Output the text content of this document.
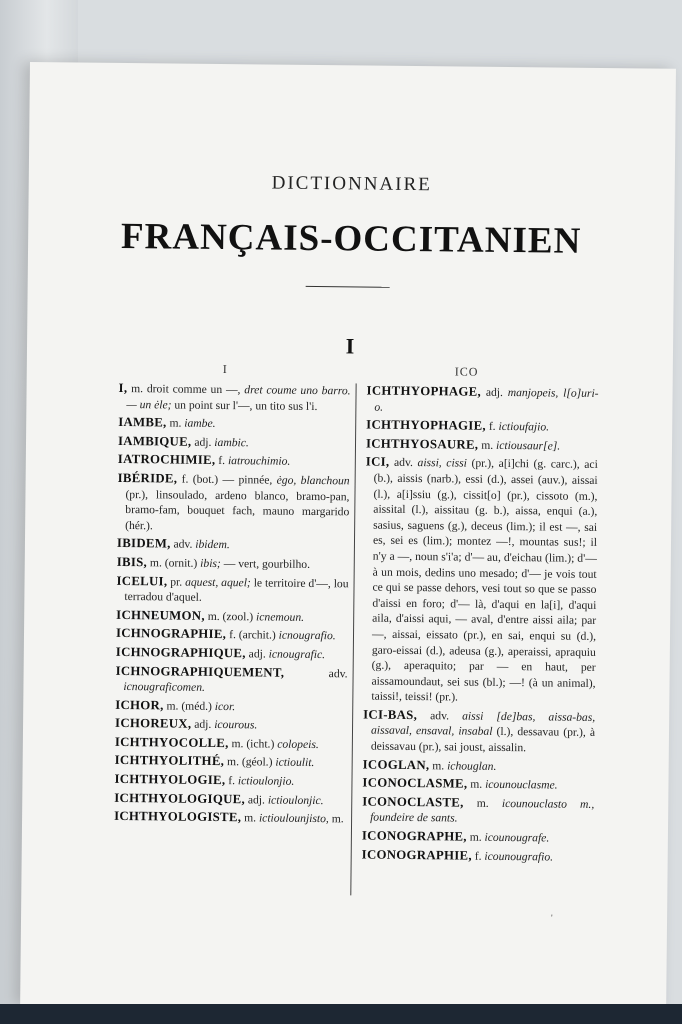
DICTIONNAIRE
FRANÇAIS-OCCITANIEN
I
I	ICO
I, m. droit comme un —, dret coume uno barro. — un ėle; un point sur l'—, un tito sus l'i.
IAMBE, m. iambe.
IAMBIQUE, adj. iambic.
IATROCHIMIE, f. iatrouchimio.
IBÉRIDE, f. (bot.) — pinnée, ėgo, blanchoun (pr.), linsoulado, ardeno blanco, bramo-pan, bramo-fam, bouquet fach, mauno margarido (hér.).
IBIDEM, adv. ibidem.
IBIS, m. (ornit.) ibis; — vert, gourbilho.
ICELUI, pr. aquest, aquel; le territoire d'—, lou terradou d'aquel.
ICHNEUMON, m. (zool.) icnemoun.
ICHNOGRAPHIE, f. (archit.) icnougrafio.
ICHNOGRAPHIQUE, adj. icnougrafic.
ICHNOGRAPHIQUEMENT, adv. icnougraficomen.
ICHOR, m. (méd.) icor.
ICHOREUX, adj. icourous.
ICHTHYOCOLLE, m. (icht.) colopeis.
ICHTHYOLITHÉ, m. (géol.) ictioulit.
ICHTHYOLOGIE, f. ictioulonjio.
ICHTHYOLOGIQUE, adj. ictioulonjic.
ICHTHYOLOGISTE, m. ictioulounjisto, m.
ICHTHYOPHAGE, adj. manjopeis, l[o]uri-o.
ICHTHYOPHAGIE, f. ictioufajio.
ICHTHYOSAURE, m. ictiousaur[e].
ICI, adv. aissi, cissi (pr.), a[i]chi (g. carc.), aci (b.), aissis (narb.), essi (d.), assei (auv.), aissai (l.), a[i]ssiu (g.), cissit[o] (pr.), cissoto (m.), aissital (l.), aissitau (g. b.), aissa, enqui (a.), sasius, saguens (g.), deceus (lim.); il est —, sai es, sei es (lim.); montez —!, mountas sus!; il n'y a —, noun s'i'a; d'— au, d'eichau (lim.); d'— à un mois, dedins uno mesado; d'— je vois tout ce qui se passe dehors, vesi tout so que se passo d'aissi en foro; d'— là, d'aqui en la[i], d'aqui aila, d'aissi aqui, — aval, d'entre aissi aila; par —, aissai, eissato (pr.), en sai, enqui su (d.), garo-eissai (d.), adeusa (g.), aperaissi, apraquiu (g.), aperaquito; par — en haut, per aissamoundaut, sei sus (bl.); —! (à un animal), taissi!, teissi! (pr.).
ICI-BAS, adv. aissi [de]bas, aissa-bas, aissaval, ensaval, insabal (l.), dessavau (pr.), à deissavau (pr.), sai joust, aissalin.
ICOGLAN, m. ichouglan.
ICONOCLASME, m. icounouclasme.
ICONOCLASTE, m. icounouclasto m., foundeire de sants.
ICONOGRAPHE, m. icounougrafe.
ICONOGRAPHIE, f. icounougrafio.
'
